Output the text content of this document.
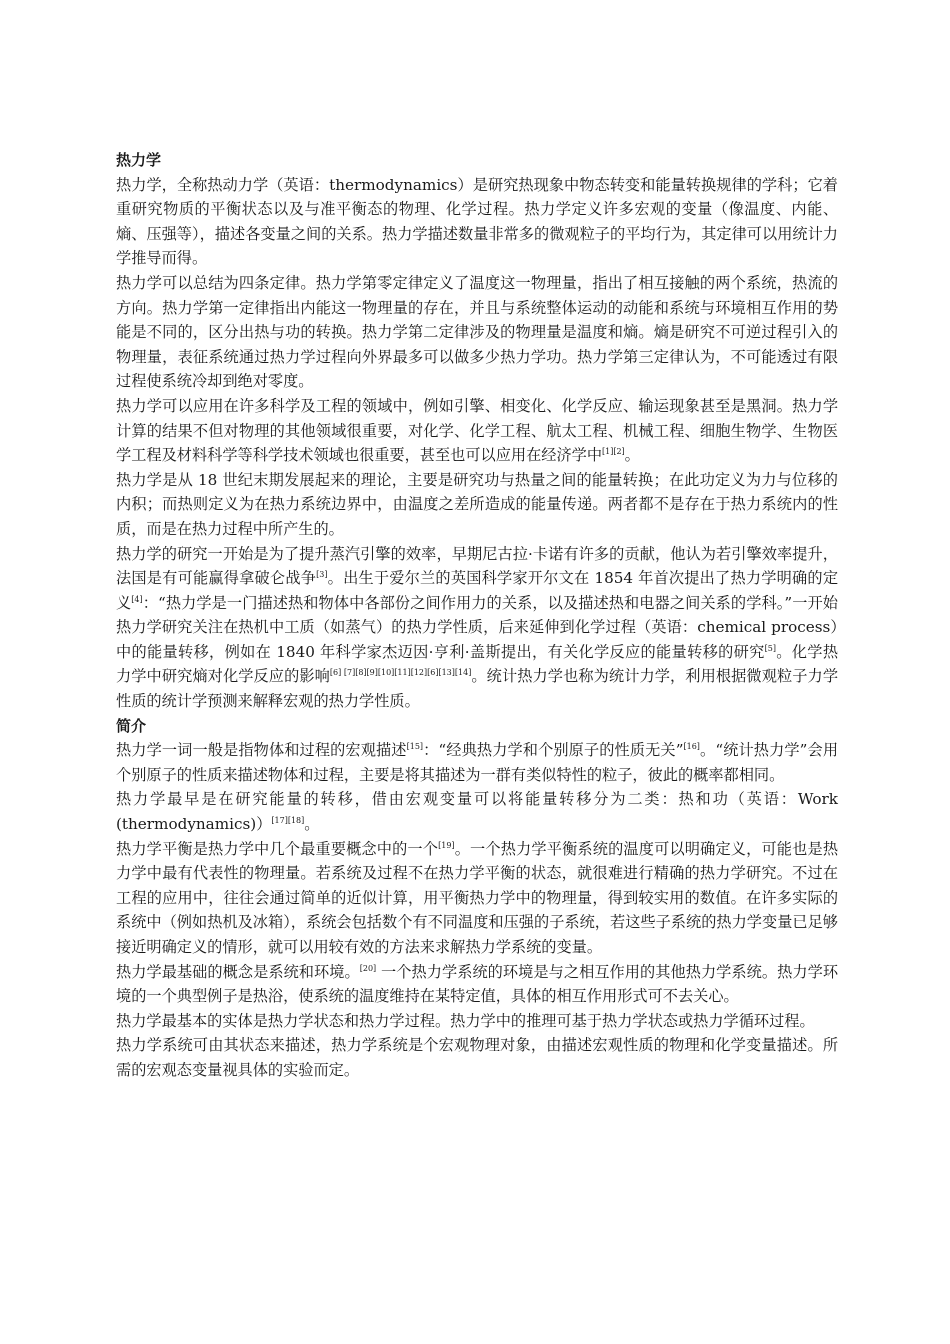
热力学

热力学，全称热动力学（英语：thermodynamics）是研究热现象中物态转变和能量转换规律的学科；它着重研究物质的平衡状态以及与准平衡态的物理、化学过程。热力学定义许多宏观的变量（像温度、内能、熵、压强等），描述各变量之间的关系。热力学描述数量非常多的微观粒子的平均行为，其定律可以用统计力学推导而得。

热力学可以总结为四条定律。热力学第零定律定义了温度这一物理量，指出了相互接触的两个系统，热流的方向。热力学第一定律指出内能这一物理量的存在，并且与系统整体运动的动能和系统与环境相互作用的势能是不同的，区分出热与功的转换。热力学第二定律涉及的物理量是温度和熵。熵是研究不可逆过程引入的物理量，表征系统通过热力学过程向外界最多可以做多少热力学功。热力学第三定律认为，不可能透过有限过程使系统冷却到绝对零度。

热力学可以应用在许多科学及工程的领域中，例如引擎、相变化、化学反应、输运现象甚至是黑洞。热力学计算的结果不但对物理的其他领域很重要，对化学、化学工程、航太工程、机械工程、细胞生物学、生物医学工程及材料科学等科学技术领域也很重要，甚至也可以应用在经济学中[1][2]。

热力学是从 18 世纪末期发展起来的理论，主要是研究功与热量之间的能量转换；在此功定义为力与位移的内积；而热则定义为在热力系统边界中，由温度之差所造成的能量传递。两者都不是存在于热力系统内的性质，而是在热力过程中所产生的。

热力学的研究一开始是为了提升蒸汽引擎的效率，早期尼古拉·卡诺有许多的贡献，他认为若引擎效率提升，法国是有可能赢得拿破仑战争[3]。出生于爱尔兰的英国科学家开尔文在 1854 年首次提出了热力学明确的定义[4]：“热力学是一门描述热和物体中各部份之间作用力的关系，以及描述热和电器之间关系的学科。”一开始热力学研究关注在热机中工质（如蒸气）的热力学性质，后来延伸到化学过程（英语：chemical process）中的能量转移，例如在 1840 年科学家杰迈因·亨利·盖斯提出，有关化学反应的能量转移的研究[5]。化学热力学中研究熵对化学反应的影响[6] [7][8][9][10][11][12][6][13][14]。统计热力学也称为统计力学，利用根据微观粒子力学性质的统计学预测来解释宏观的热力学性质。

简介

热力学一词一般是指物体和过程的宏观描述[15]：“经典热力学和个别原子的性质无关”[16]。“统计热力学”会用个别原子的性质来描述物体和过程，主要是将其描述为一群有类似特性的粒子，彼此的概率都相同。

热力学最早是在研究能量的转移，借由宏观变量可以将能量转移分为二类：热和功（英语：Work (thermodynamics)）[17][18]。

热力学平衡是热力学中几个最重要概念中的一个[19]。一个热力学平衡系统的温度可以明确定义，可能也是热力学中最有代表性的物理量。若系统及过程不在热力学平衡的状态，就很难进行精确的热力学研究。不过在工程的应用中，往往会通过简单的近似计算，用平衡热力学中的物理量，得到较实用的数值。在许多实际的系统中（例如热机及冰箱），系统会包括数个有不同温度和压强的子系统，若这些子系统的热力学变量已足够接近明确定义的情形，就可以用较有效的方法来求解热力学系统的变量。

热力学最基础的概念是系统和环境。[20] 一个热力学系统的环境是与之相互作用的其他热力学系统。热力学环境的一个典型例子是热浴，使系统的温度维持在某特定值，具体的相互作用形式可不去关心。

热力学最基本的实体是热力学状态和热力学过程。热力学中的推理可基于热力学状态或热力学循环过程。

热力学系统可由其状态来描述，热力学系统是个宏观物理对象，由描述宏观性质的物理和化学变量描述。所需的宏观态变量视具体的实验而定。
